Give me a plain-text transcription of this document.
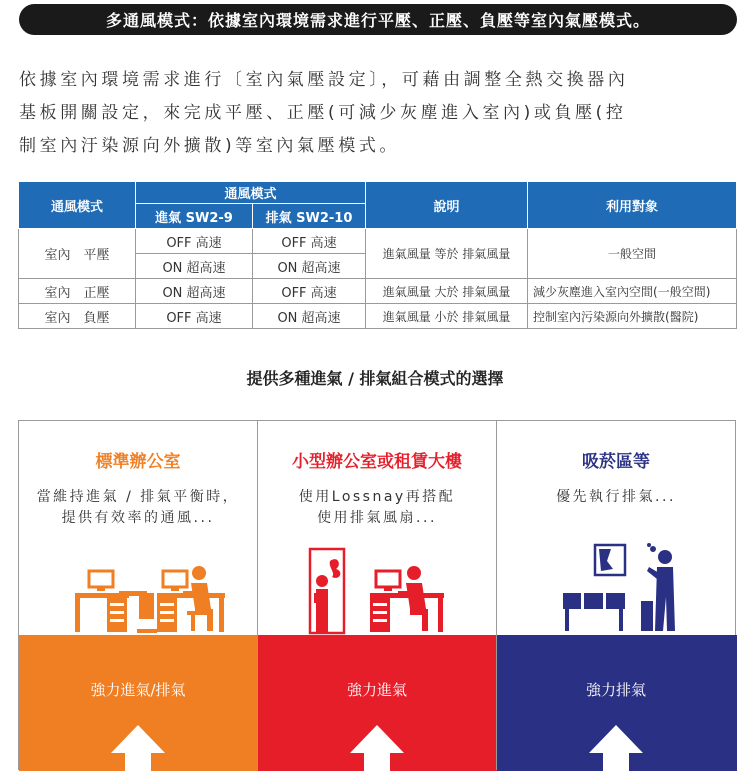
多通風模式：依據室內環境需求進行平壓、正壓、負壓等室內氣壓模式。

依據室內環境需求進行〔室內氣壓設定〕，可藉由調整全熱交換器內
基板開關設定，來完成平壓、正壓(可減少灰塵進入室內)或負壓(控
制室內汙染源向外擴散)等室內氣壓模式。

通風模式	通風模式		說明	利用對象
	進氣 SW2-9	排氣 SW2-10		
室內　平壓	OFF 高速	OFF 高速	進氣風量 等於 排氣風量	一般空間
	ON 超高速	ON 超高速		
室內　正壓	ON 超高速	OFF 高速	進氣風量 大於 排氣風量	減少灰塵進入室內空間(一般空間)
室內　負壓	OFF 高速	ON 超高速	進氣風量 小於 排氣風量	控制室內污染源向外擴散(醫院)
提供多種進氣 / 排氣組合模式的選擇
標準辦公室
當維持進氣 / 排氣平衡時，
提供有效率的通風...
強力進氣/排氣
小型辦公室或租賃大樓
使用Lossnay再搭配
使用排氣風扇...
強力進氣
吸菸區等
優先執行排氣...
強力排氣
